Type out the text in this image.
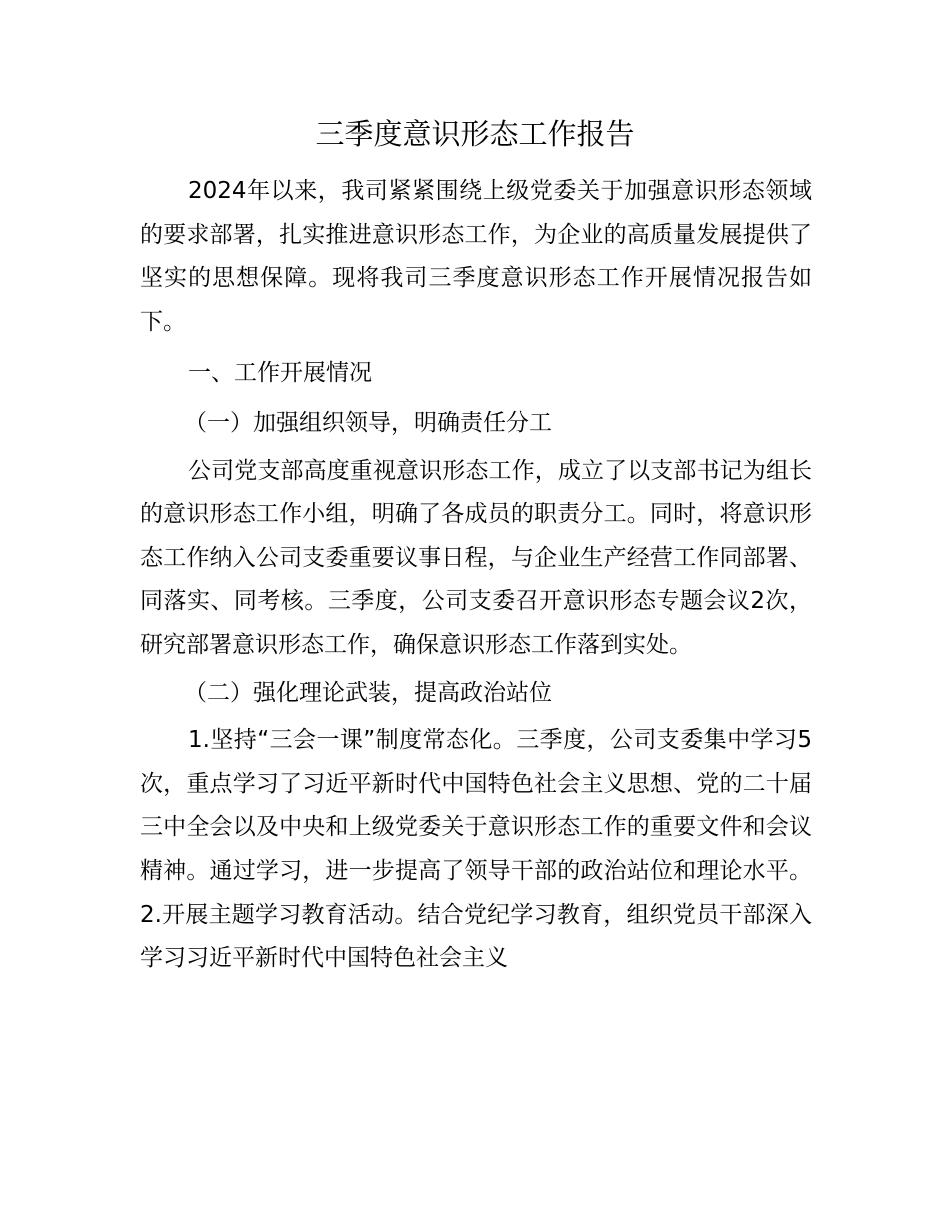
三季度意识形态工作报告

2024年以来，我司紧紧围绕上级党委关于加强意识形态领域的要求部署，扎实推进意识形态工作，为企业的高质量发展提供了坚实的思想保障。现将我司三季度意识形态工作开展情况报告如下。

一、工作开展情况

（一）加强组织领导，明确责任分工

公司党支部高度重视意识形态工作，成立了以支部书记为组长的意识形态工作小组，明确了各成员的职责分工。同时，将意识形态工作纳入公司支委重要议事日程，与企业生产经营工作同部署、同落实、同考核。三季度，公司支委召开意识形态专题会议2次，研究部署意识形态工作，确保意识形态工作落到实处。

（二）强化理论武装，提高政治站位

1.坚持“三会一课”制度常态化。三季度，公司支委集中学习5次，重点学习了习近平新时代中国特色社会主义思想、党的二十届三中全会以及中央和上级党委关于意识形态工作的重要文件和会议精神。通过学习，进一步提高了领导干部的政治站位和理论水平。2.开展主题学习教育活动。结合党纪学习教育，组织党员干部深入学习习近平新时代中国特色社会主义
